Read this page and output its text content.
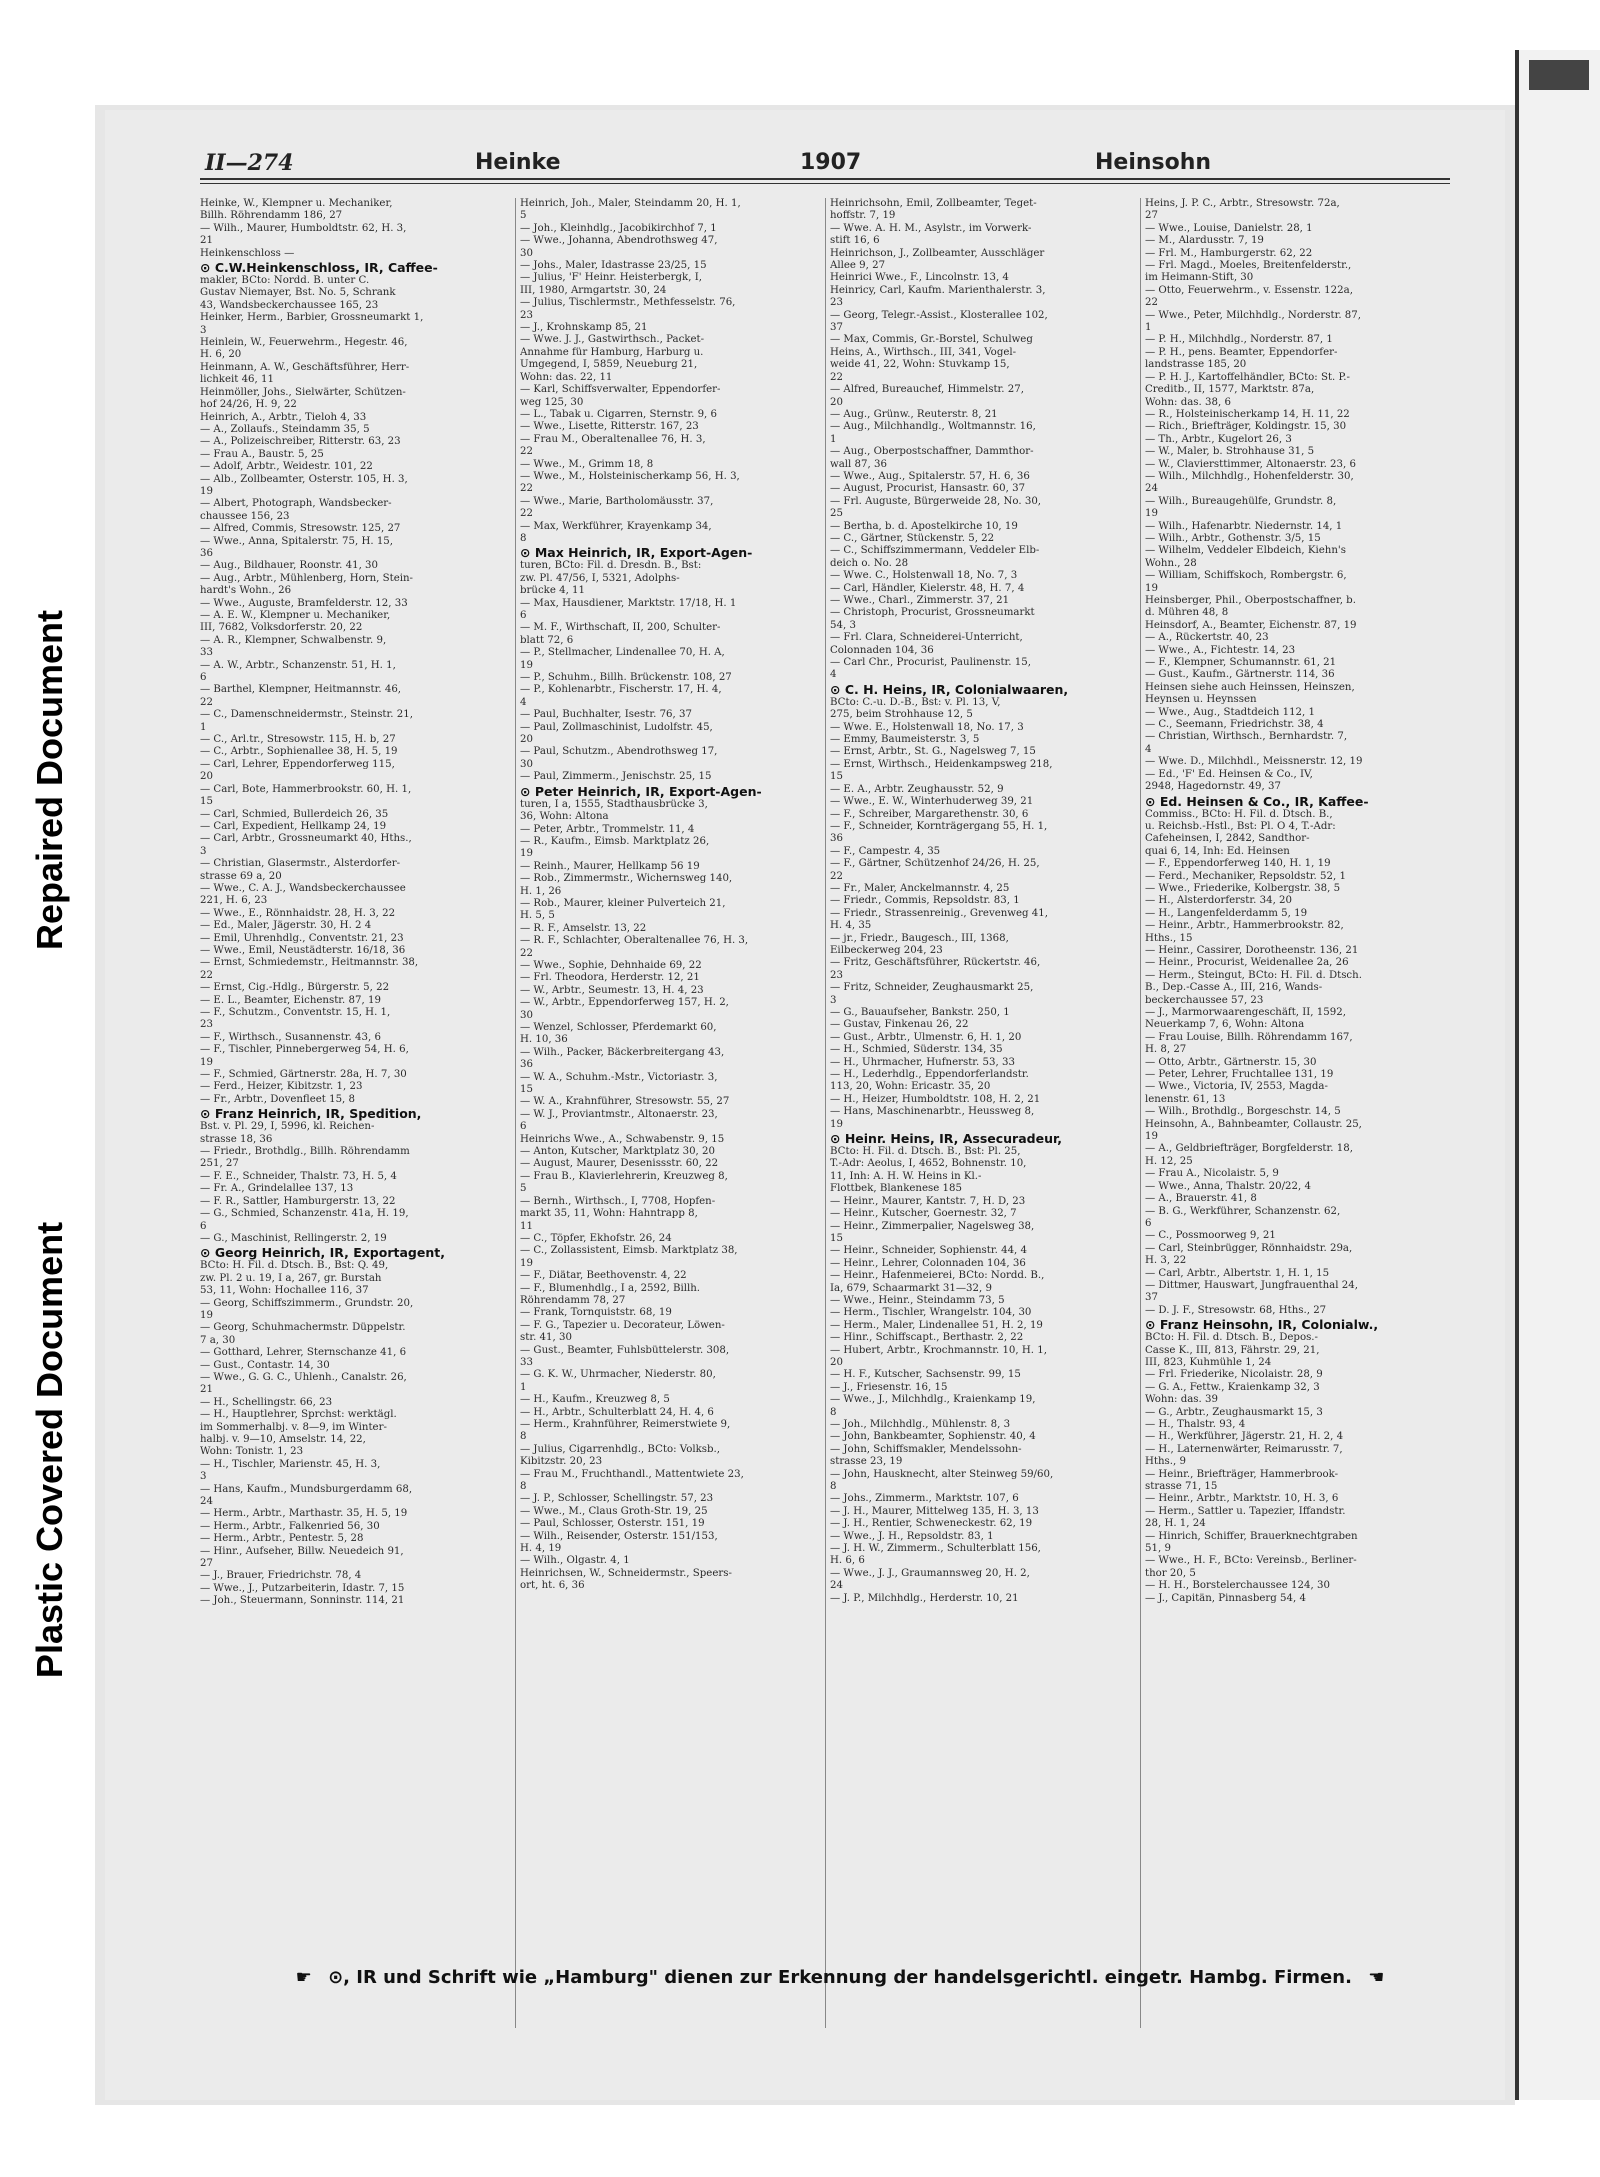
Repaired Document
Plastic Covered Document
II—274	Heinke	1907	Heinsohn

Heinke, W., Klempner u. Mechaniker,

Billh. Röhrendamm 186, 27

— Wilh., Maurer, Humboldtstr. 62, H. 3,

21

Heinkenschloss —

⊙ C.W.Heinkenschloss, IR, Caffee-

makler, BCto: Nordd. B. unter C.

Gustav Niemayer, Bst. No. 5, Schrank

43, Wandsbeckerchaussee 165, 23

Heinker, Herm., Barbier, Grossneumarkt 1,

3

Heinlein, W., Feuerwehrm., Hegestr. 46,

H. 6, 20

Heinmann, A. W., Geschäftsführer, Herr-

lichkeit 46, 11

Heinmöller, Johs., Sielwärter, Schützen-

hof 24/26, H. 9, 22

Heinrich, A., Arbtr., Tieloh 4, 33

— A., Zollaufs., Steindamm 35, 5

— A., Polizeischreiber, Ritterstr. 63, 23

— Frau A., Baustr. 5, 25

— Adolf, Arbtr., Weidestr. 101, 22

— Alb., Zollbeamter, Osterstr. 105, H. 3,

19

— Albert, Photograph, Wandsbecker-

chaussee 156, 23

— Alfred, Commis, Stresowstr. 125, 27

— Wwe., Anna, Spitalerstr. 75, H. 15,

36

— Aug., Bildhauer, Roonstr. 41, 30

— Aug., Arbtr., Mühlenberg, Horn, Stein-

hardt's Wohn., 26

— Wwe., Auguste, Bramfelderstr. 12, 33

— A. E. W., Klempner u. Mechaniker,

III, 7682, Volksdorferstr. 20, 22

— A. R., Klempner, Schwalbenstr. 9,

33

— A. W., Arbtr., Schanzenstr. 51, H. 1,

6

— Barthel, Klempner, Heitmannstr. 46,

22

— C., Damenschneidermstr., Steinstr. 21,

1

— C., Arl.tr., Stresowstr. 115, H. b, 27

— C., Arbtr., Sophienallee 38, H. 5, 19

— Carl, Lehrer, Eppendorferweg 115,

20

— Carl, Bote, Hammerbrookstr. 60, H. 1,

15

— Carl, Schmied, Bullerdeich 26, 35

— Carl, Expedient, Hellkamp 24, 19

— Carl, Arbtr., Grossneumarkt 40, Hths.,

3

— Christian, Glasermstr., Alsterdorfer-

strasse 69 a, 20

— Wwe., C. A. J., Wandsbeckerchaussee

221, H. 6, 23

— Wwe., E., Rönnhaidstr. 28, H. 3, 22

— Ed., Maler, Jägerstr. 30, H. 2 4

— Emil, Uhrenhdlg., Conventstr. 21, 23

— Wwe., Emil, Neustädterstr. 16/18, 36

— Ernst, Schmiedemstr., Heitmannstr. 38,

22

— Ernst, Cig.-Hdlg., Bürgerstr. 5, 22

— E. L., Beamter, Eichenstr. 87, 19

— F., Schutzm., Conventstr. 15, H. 1,

23

— F., Wirthsch., Susannenstr. 43, 6

— F., Tischler, Pinnebergerweg 54, H. 6,

19

— F., Schmied, Gärtnerstr. 28a, H. 7, 30

— Ferd., Heizer, Kibitzstr. 1, 23

— Fr., Arbtr., Dovenfleet 15, 8

⊙ Franz Heinrich, IR, Spedition,

Bst. v. Pl. 29, I, 5996, kl. Reichen-

strasse 18, 36

— Friedr., Brothdlg., Billh. Röhrendamm

251, 27

— F. E., Schneider, Thalstr. 73, H. 5, 4

— Fr. A., Grindelallee 137, 13

— F. R., Sattler, Hamburgerstr. 13, 22

— G., Schmied, Schanzenstr. 41a, H. 19,

6

— G., Maschinist, Rellingerstr. 2, 19

⊙ Georg Heinrich, IR, Exportagent,

BCto: H. Fil. d. Dtsch. B., Bst: Q. 49,

zw. Pl. 2 u. 19, I a, 267, gr. Burstah

53, 11, Wohn: Hochallee 116, 37

— Georg, Schiffszimmerm., Grundstr. 20,

19

— Georg, Schuhmachermstr. Düppelstr.

7 a, 30

— Gotthard, Lehrer, Sternschanze 41, 6

— Gust., Contastr. 14, 30

— Wwe., G. G. C., Uhlenh., Canalstr. 26,

21

— H., Schellingstr. 66, 23

— H., Hauptlehrer, Sprchst: werktägl.

im Sommerhalbj. v. 8—9, im Winter-

halbj. v. 9—10, Amselstr. 14, 22,

Wohn: Tonistr. 1, 23

— H., Tischler, Marienstr. 45, H. 3,

3

— Hans, Kaufm., Mundsburgerdamm 68,

24

— Herm., Arbtr., Marthastr. 35, H. 5, 19

— Herm., Arbtr., Falkenried 56, 30

— Herm., Arbtr., Pentestr. 5, 28

— Hinr., Aufseher, Billw. Neuedeich 91,

27

— J., Brauer, Friedrichstr. 78, 4

— Wwe., J., Putzarbeiterin, Idastr. 7, 15

— Joh., Steuermann, Sonninstr. 114, 21

Heinrich, Joh., Maler, Steindamm 20, H. 1,

5

— Joh., Kleinhdlg., Jacobikirchhof 7, 1

— Wwe., Johanna, Abendrothsweg 47,

30

— Johs., Maler, Idastrasse 23/25, 15

— Julius, 'F' Heinr. Heisterbergk, I,

III, 1980, Armgartstr. 30, 24

— Julius, Tischlermstr., Methfesselstr. 76,

23

— J., Krohnskamp 85, 21

— Wwe. J. J., Gastwirthsch., Packet-

Annahme für Hamburg, Harburg u.

Umgegend, I, 5859, Neueburg 21,

Wohn: das. 22, 11

— Karl, Schiffsverwalter, Eppendorfer-

weg 125, 30

— L., Tabak u. Cigarren, Sternstr. 9, 6

— Wwe., Lisette, Ritterstr. 167, 23

— Frau M., Oberaltenallee 76, H. 3,

22

— Wwe., M., Grimm 18, 8

— Wwe., M., Holsteinischerkamp 56, H. 3,

22

— Wwe., Marie, Bartholomäusstr. 37,

22

— Max, Werkführer, Krayenkamp 34,

8

⊙ Max Heinrich, IR, Export-Agen-

turen, BCto: Fil. d. Dresdn. B., Bst:

zw. Pl. 47/56, I, 5321, Adolphs-

brücke 4, 11

— Max, Hausdiener, Marktstr. 17/18, H. 1

6

— M. F., Wirthschaft, II, 200, Schulter-

blatt 72, 6

— P., Stellmacher, Lindenallee 70, H. A,

19

— P., Schuhm., Billh. Brückenstr. 108, 27

— P., Kohlenarbtr., Fischerstr. 17, H. 4,

4

— Paul, Buchhalter, Isestr. 76, 37

— Paul, Zollmaschinist, Ludolfstr. 45,

20

— Paul, Schutzm., Abendrothsweg 17,

30

— Paul, Zimmerm., Jenischstr. 25, 15

⊙ Peter Heinrich, IR, Export-Agen-

turen, I a, 1555, Stadthausbrücke 3,

36, Wohn: Altona

— Peter, Arbtr., Trommelstr. 11, 4

— R., Kaufm., Eimsb. Marktplatz 26,

19

— Reinh., Maurer, Hellkamp 56 19

— Rob., Zimmermstr., Wichernsweg 140,

H. 1, 26

— Rob., Maurer, kleiner Pulverteich 21,

H. 5, 5

— R. F., Amselstr. 13, 22

— R. F., Schlachter, Oberaltenallee 76, H. 3,

22

— Wwe., Sophie, Dehnhaide 69, 22

— Frl. Theodora, Herderstr. 12, 21

— W., Arbtr., Seumestr. 13, H. 4, 23

— W., Arbtr., Eppendorferweg 157, H. 2,

30

— Wenzel, Schlosser, Pferdemarkt 60,

H. 10, 36

— Wilh., Packer, Bäckerbreitergang 43,

36

— W. A., Schuhm.-Mstr., Victoriastr. 3,

15

— W. A., Krahnführer, Stresowstr. 55, 27

— W. J., Proviantmstr., Altonaerstr. 23,

6

Heinrichs Wwe., A., Schwabenstr. 9, 15

— Anton, Kutscher, Marktplatz 30, 20

— August, Maurer, Desenissstr. 60, 22

— Frau B., Klavierlehrerin, Kreuzweg 8,

5

— Bernh., Wirthsch., I, 7708, Hopfen-

markt 35, 11, Wohn: Hahntrapp 8,

11

— C., Töpfer, Ekhofstr. 26, 24

— C., Zollassistent, Eimsb. Marktplatz 38,

19

— F., Diätar, Beethovenstr. 4, 22

— F., Blumenhdlg., I a, 2592, Billh.

Röhrendamm 78, 27

— Frank, Tornquiststr. 68, 19

— F. G., Tapezier u. Decorateur, Löwen-

str. 41, 30

— Gust., Beamter, Fuhlsbüttelerstr. 308,

33

— G. K. W., Uhrmacher, Niederstr. 80,

1

— H., Kaufm., Kreuzweg 8, 5

— H., Arbtr., Schulterblatt 24, H. 4, 6

— Herm., Krahnführer, Reimerstwiete 9,

8

— Julius, Cigarrenhdlg., BCto: Volksb.,

Kibitzstr. 20, 23

— Frau M., Fruchthandl., Mattentwiete 23,

8

— J. P., Schlosser, Schellingstr. 57, 23

— Wwe., M., Claus Groth-Str. 19, 25

— Paul, Schlosser, Osterstr. 151, 19

— Wilh., Reisender, Osterstr. 151/153,

H. 4, 19

— Wilh., Olgastr. 4, 1

Heinrichsen, W., Schneidermstr., Speers-

ort, ht. 6, 36

Heinrichsohn, Emil, Zollbeamter, Teget-

hoffstr. 7, 19

— Wwe. A. H. M., Asylstr., im Vorwerk-

stift 16, 6

Heinrichson, J., Zollbeamter, Ausschläger

Allee 9, 27

Heinrici Wwe., F., Lincolnstr. 13, 4

Heinricy, Carl, Kaufm. Marienthalerstr. 3,

23

— Georg, Telegr.-Assist., Klosterallee 102,

37

— Max, Commis, Gr.-Borstel, Schulweg

Heins, A., Wirthsch., III, 341, Vogel-

weide 41, 22, Wohn: Stuvkamp 15,

22

— Alfred, Bureauchef, Himmelstr. 27,

20

— Aug., Grünw., Reuterstr. 8, 21

— Aug., Milchhandlg., Woltmannstr. 16,

1

— Aug., Oberpostschaffner, Dammthor-

wall 87, 36

— Wwe., Aug., Spitalerstr. 57, H. 6, 36

— August, Procurist, Hansastr. 60, 37

— Frl. Auguste, Bürgerweide 28, No. 30,

25

— Bertha, b. d. Apostelkirche 10, 19

— C., Gärtner, Stückenstr. 5, 22

— C., Schiffszimmermann, Veddeler Elb-

deich o. No. 28

— Wwe. C., Holstenwall 18, No. 7, 3

— Carl, Händler, Kielerstr. 48, H. 7, 4

— Wwe., Charl., Zimmerstr. 37, 21

— Christoph, Procurist, Grossneumarkt

54, 3

— Frl. Clara, Schneiderei-Unterricht,

Colonnaden 104, 36

— Carl Chr., Procurist, Paulinenstr. 15,

4

⊙ C. H. Heins, IR, Colonialwaaren,

BCto: C.-u. D.-B., Bst: v. Pl. 13, V,

275, beim Strohhause 12, 5

— Wwe. E., Holstenwall 18, No. 17, 3

— Emmy, Baumeisterstr. 3, 5

— Ernst, Arbtr., St. G., Nagelsweg 7, 15

— Ernst, Wirthsch., Heidenkampsweg 218,

15

— E. A., Arbtr. Zeughausstr. 52, 9

— Wwe., E. W., Winterhuderweg 39, 21

— F., Schreiber, Margarethenstr. 30, 6

— F., Schneider, Kornträgergang 55, H. 1,

36

— F., Campestr. 4, 35

— F., Gärtner, Schützenhof 24/26, H. 25,

22

— Fr., Maler, Anckelmannstr. 4, 25

— Friedr., Commis, Repsoldstr. 83, 1

— Friedr., Strassenreinig., Grevenweg 41,

H. 4, 35

— jr., Friedr., Baugesch., III, 1368,

Eilbeckerweg 204, 23

— Fritz, Geschäftsführer, Rückertstr. 46,

23

— Fritz, Schneider, Zeughausmarkt 25,

3

— G., Bauaufseher, Bankstr. 250, 1

— Gustav, Finkenau 26, 22

— Gust., Arbtr., Ulmenstr. 6, H. 1, 20

— H., Schmied, Süderstr. 134, 35

— H., Uhrmacher, Hufnerstr. 53, 33

— H., Lederhdlg., Eppendorferlandstr.

113, 20, Wohn: Ericastr. 35, 20

— H., Heizer, Humboldtstr. 108, H. 2, 21

— Hans, Maschinenarbtr., Heussweg 8,

19

⊙ Heinr. Heins, IR, Assecuradeur,

BCto: H. Fil. d. Dtsch. B., Bst: Pl. 25,

T.-Adr: Aeolus, I, 4652, Bohnenstr. 10,

11, Inh: A. H. W. Heins in Kl.-

Flottbek, Blankenese 185

— Heinr., Maurer, Kantstr. 7, H. D, 23

— Heinr., Kutscher, Goernestr. 32, 7

— Heinr., Zimmerpalier, Nagelsweg 38,

15

— Heinr., Schneider, Sophienstr. 44, 4

— Heinr., Lehrer, Colonnaden 104, 36

— Heinr., Hafenmeierei, BCto: Nordd. B.,

Ia, 679, Schaarmarkt 31—32, 9

— Wwe., Heinr., Steindamm 73, 5

— Herm., Tischler, Wrangelstr. 104, 30

— Herm., Maler, Lindenallee 51, H. 2, 19

— Hinr., Schiffscapt., Berthastr. 2, 22

— Hubert, Arbtr., Krochmannstr. 10, H. 1,

20

— H. F., Kutscher, Sachsenstr. 99, 15

— J., Friesenstr. 16, 15

— Wwe., J., Milchhdlg., Kraienkamp 19,

8

— Joh., Milchhdlg., Mühlenstr. 8, 3

— John, Bankbeamter, Sophienstr. 40, 4

— John, Schiffsmakler, Mendelssohn-

strasse 23, 19

— John, Hausknecht, alter Steinweg 59/60,

8

— Johs., Zimmerm., Marktstr. 107, 6

— J. H., Maurer, Mittelweg 135, H. 3, 13

— J. H., Rentier, Schweneckestr. 62, 19

— Wwe., J. H., Repsoldstr. 83, 1

— J. H. W., Zimmerm., Schulterblatt 156,

H. 6, 6

— Wwe., J. J., Graumannsweg 20, H. 2,

24

— J. P., Milchhdlg., Herderstr. 10, 21

Heins, J. P. C., Arbtr., Stresowstr. 72a,

27

— Wwe., Louise, Danielstr. 28, 1

— M., Alardusstr. 7, 19

— Frl. M., Hamburgerstr. 62, 22

— Frl. Magd., Moeles, Breitenfelderstr.,

im Heimann-Stift, 30

— Otto, Feuerwehrm., v. Essenstr. 122a,

22

— Wwe., Peter, Milchhdlg., Norderstr. 87,

1

— P. H., Milchhdlg., Norderstr. 87, 1

— P. H., pens. Beamter, Eppendorfer-

landstrasse 185, 20

— P. H. J., Kartoffelhändler, BCto: St. P.-

Creditb., II, 1577, Marktstr. 87a,

Wohn: das. 38, 6

— R., Holsteinischerkamp 14, H. 11, 22

— Rich., Briefträger, Koldingstr. 15, 30

— Th., Arbtr., Kugelort 26, 3

— W., Maler, b. Strohhause 31, 5

— W., Claviersttimmer, Altonaerstr. 23, 6

— Wilh., Milchhdlg., Hohenfelderstr. 30,

24

— Wilh., Bureaugehülfe, Grundstr. 8,

19

— Wilh., Hafenarbtr. Niedernstr. 14, 1

— Wilh., Arbtr., Gothenstr. 3/5, 15

— Wilhelm, Veddeler Elbdeich, Kiehn's

Wohn., 28

— William, Schiffskoch, Rombergstr. 6,

19

Heinsberger, Phil., Oberpostschaffner, b.

d. Mühren 48, 8

Heinsdorf, A., Beamter, Eichenstr. 87, 19

— A., Rückertstr. 40, 23

— Wwe., A., Fichtestr. 14, 23

— F., Klempner, Schumannstr. 61, 21

— Gust., Kaufm., Gärtnerstr. 114, 36

Heinsen siehe auch Heinssen, Heinszen,

Heynsen u. Heynssen

— Wwe., Aug., Stadtdeich 112, 1

— C., Seemann, Friedrichstr. 38, 4

— Christian, Wirthsch., Bernhardstr. 7,

4

— Wwe. D., Milchhdl., Meissnerstr. 12, 19

— Ed., 'F' Ed. Heinsen & Co., IV,

2948, Hagedornstr. 49, 37

⊙ Ed. Heinsen & Co., IR, Kaffee-

Commiss., BCto: H. Fil. d. Dtsch. B.,

u. Reichsb.-Hstl., Bst: Pl. O 4, T.-Adr:

Cafeheinsen, I, 2842, Sandthor-

quai 6, 14, Inh: Ed. Heinsen

— F., Eppendorferweg 140, H. 1, 19

— Ferd., Mechaniker, Repsoldstr. 52, 1

— Wwe., Friederike, Kolbergstr. 38, 5

— H., Alsterdorferstr. 34, 20

— H., Langenfelderdamm 5, 19

— Heinr., Arbtr., Hammerbrookstr. 82,

Hths., 15

— Heinr., Cassirer, Dorotheenstr. 136, 21

— Heinr., Procurist, Weidenallee 2a, 26

— Herm., Steingut, BCto: H. Fil. d. Dtsch.

B., Dep.-Casse A., III, 216, Wands-

beckerchaussee 57, 23

— J., Marmorwaarengeschäft, II, 1592,

Neuerkamp 7, 6, Wohn: Altona

— Frau Louise, Billh. Röhrendamm 167,

H. 8, 27

— Otto, Arbtr., Gärtnerstr. 15, 30

— Peter, Lehrer, Fruchtallee 131, 19

— Wwe., Victoria, IV, 2553, Magda-

lenenstr. 61, 13

— Wilh., Brothdlg., Borgeschstr. 14, 5

Heinsohn, A., Bahnbeamter, Collaustr. 25,

19

— A., Geldbriefträger, Borgfelderstr. 18,

H. 12, 25

— Frau A., Nicolaistr. 5, 9

— Wwe., Anna, Thalstr. 20/22, 4

— A., Brauerstr. 41, 8

— B. G., Werkführer, Schanzenstr. 62,

6

— C., Possmoorweg 9, 21

— Carl, Steinbrügger, Rönnhaidstr. 29a,

H. 3, 22

— Carl, Arbtr., Albertstr. 1, H. 1, 15

— Dittmer, Hauswart, Jungfrauenthal 24,

37

— D. J. F., Stresowstr. 68, Hths., 27

⊙ Franz Heinsohn, IR, Colonialw.,

BCto: H. Fil. d. Dtsch. B., Depos.-

Casse K., III, 813, Fährstr. 29, 21,

III, 823, Kuhmühle 1, 24

— Frl. Friederike, Nicolaistr. 28, 9

— G. A., Fettw., Kraienkamp 32, 3

Wohn: das. 39

— G., Arbtr., Zeughausmarkt 15, 3

— H., Thalstr. 93, 4

— H., Werkführer, Jägerstr. 21, H. 2, 4

— H., Laternenwärter, Reimarusstr. 7,

Hths., 9

— Heinr., Briefträger, Hammerbrook-

strasse 71, 15

— Heinr., Arbtr., Marktstr. 10, H. 3, 6

— Herm., Sattler u. Tapezier, Iffandstr.

28, H. 1, 24

— Hinrich, Schiffer, Brauerknechtgraben

51, 9

— Wwe., H. F., BCto: Vereinsb., Berliner-

thor 20, 5

— H. H., Borstelerchaussee 124, 30

— J., Capitän, Pinnasberg 54, 4

☛ ⊙, IR und Schrift wie „Hamburg" dienen zur Erkennung der handelsgerichtl. eingetr. Hambg. Firmen. ☚
